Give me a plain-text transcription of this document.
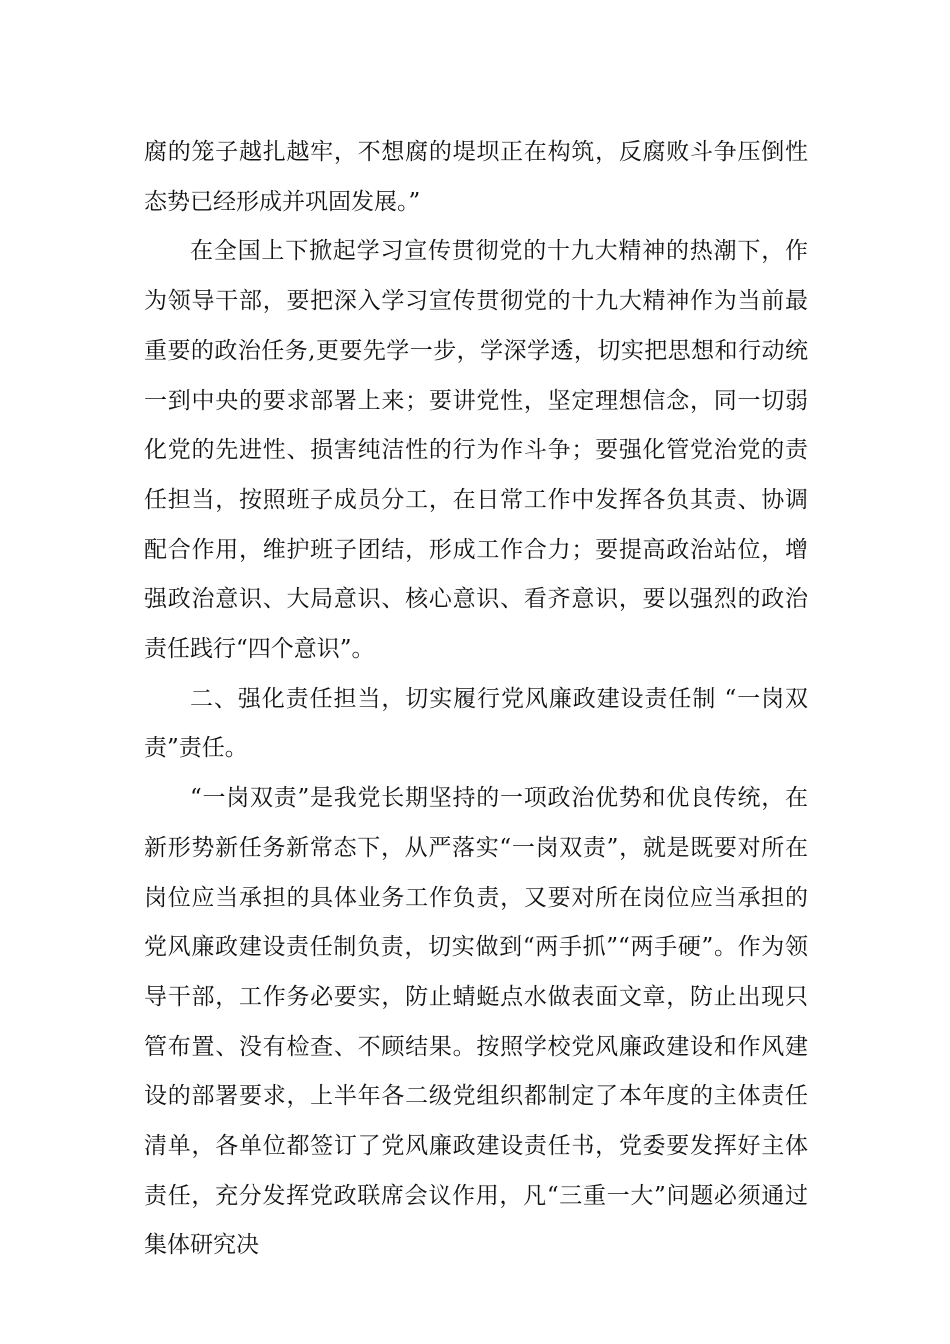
腐的笼子越扎越牢，不想腐的堤坝正在构筑，反腐败斗争压倒性态势已经形成并巩固发展。”

在全国上下掀起学习宣传贯彻党的十九大精神的热潮下，作为领导干部，要把深入学习宣传贯彻党的十九大精神作为当前最重要的政治任务,更要先学一步，学深学透，切实把思想和行动统一到中央的要求部署上来；要讲党性，坚定理想信念，同一切弱化党的先进性、损害纯洁性的行为作斗争；要强化管党治党的责任担当，按照班子成员分工，在日常工作中发挥各负其责、协调配合作用，维护班子团结，形成工作合力；要提高政治站位，增强政治意识、大局意识、核心意识、看齐意识，要以强烈的政治责任践行“四个意识”。

二、强化责任担当，切实履行党风廉政建设责任制 “一岗双责”责任。

“一岗双责”是我党长期坚持的一项政治优势和优良传统，在新形势新任务新常态下，从严落实“一岗双责”，就是既要对所在岗位应当承担的具体业务工作负责，又要对所在岗位应当承担的党风廉政建设责任制负责，切实做到“两手抓”“两手硬”。作为领导干部，工作务必要实，防止蜻蜓点水做表面文章，防止出现只管布置、没有检查、不顾结果。按照学校党风廉政建设和作风建设的部署要求，上半年各二级党组织都制定了本年度的主体责任清单，各单位都签订了党风廉政建设责任书，党委要发挥好主体责任，充分发挥党政联席会议作用，凡“三重一大”问题必须通过集体研究决
